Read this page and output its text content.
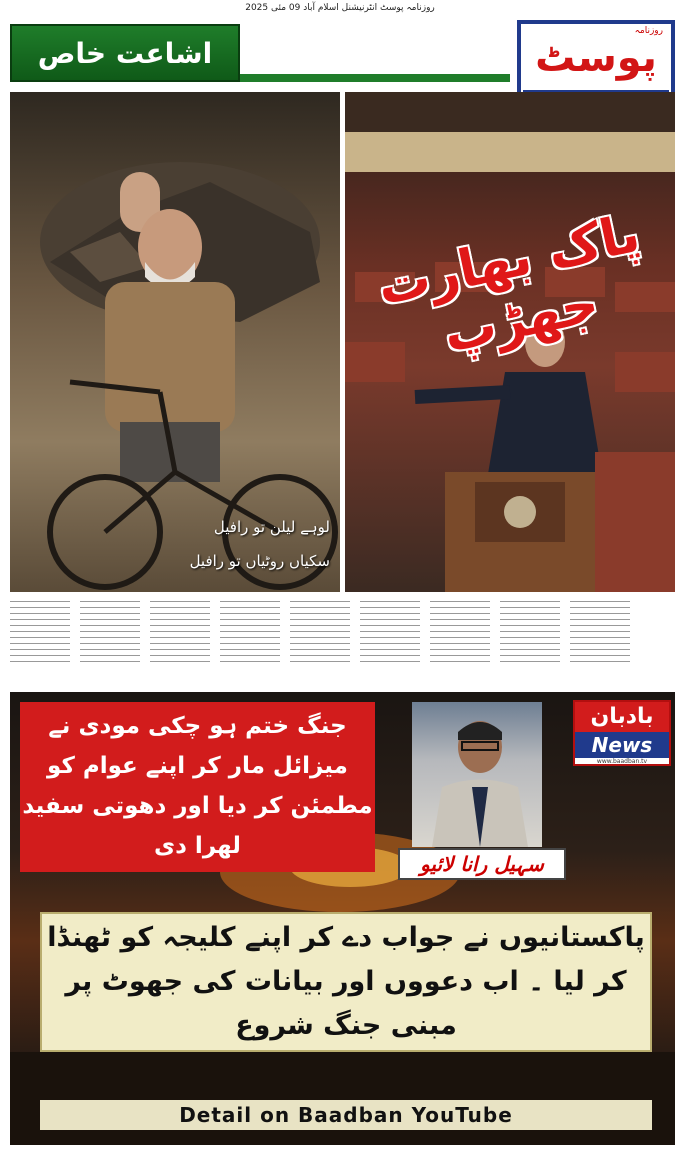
روزنامہ پوسٹ انٹرنیشنل اسلام آباد 09 مئی 2025
اشاعت خاص
روزنامہ
پوسٹ
لوہے لیلن تو رافیل
سکیاں روٹیاں تو رافیل
پاک بھارت جھڑپ
جنگ ختم ہو چکی مودی نے میزائل مار کر اپنے عوام کو مطمئن کر دیا اور دھوتی سفید لھرا دی
سہیل رانا لائیو
بادبان
News
www.baadban.tv
پاکستانیوں نے جواب دے کر اپنے کلیجہ کو ٹھنڈا کر لیا ۔ اب دعووں اور بیانات کی جھوٹ پر مبنی جنگ شروع
Detail on Baadban YouTube
